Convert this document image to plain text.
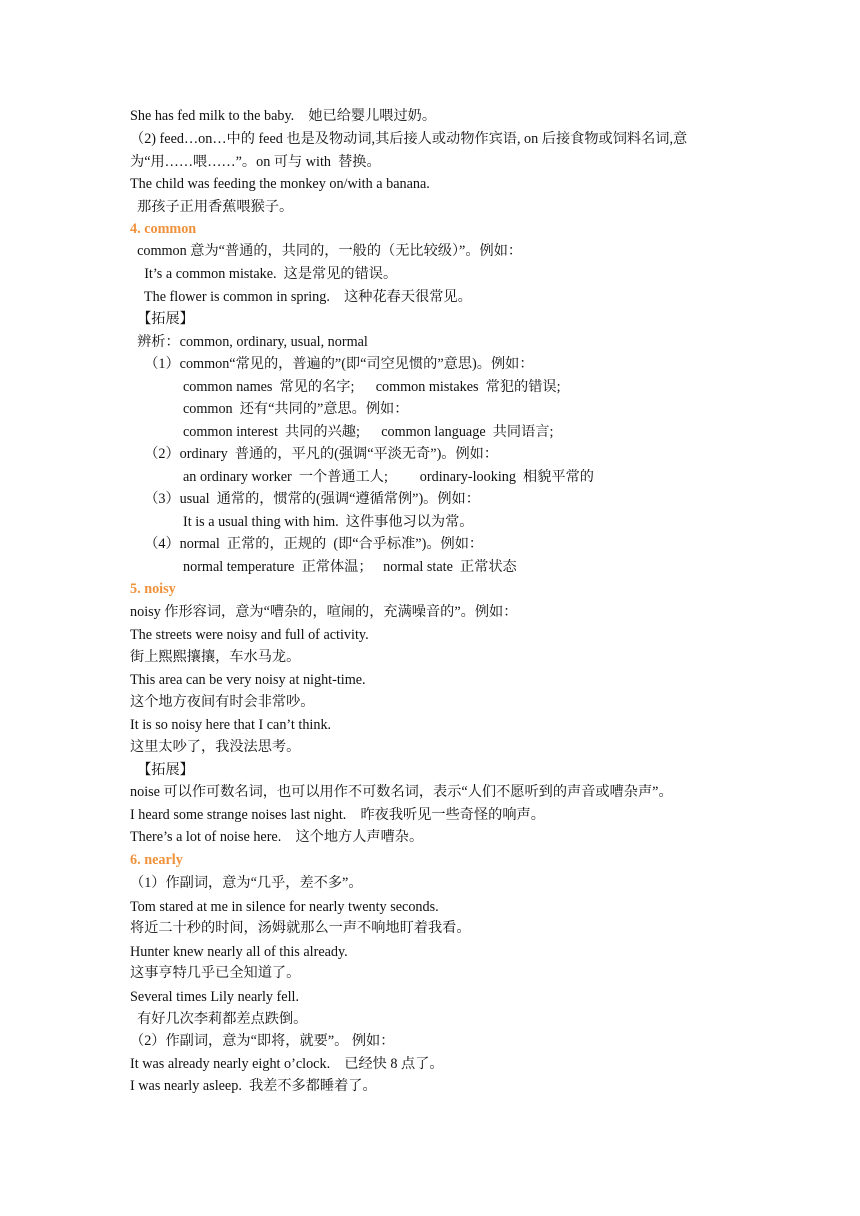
She has fed milk to the baby.    她已给婴儿喂过奶。
（2) feed…on…中的 feed 也是及物动词,其后接人或动物作宾语, on 后接食物或饲料名词,意
为“用……喂……”。on 可与 with  替换。
The child was feeding the monkey on/with a banana.
那孩子正用香蕉喂猴子。
4. common
common 意为“普通的，共同的，一般的（无比较级）”。例如：
It’s a common mistake.  这是常见的错误。
The flower is common in spring.    这种花春天很常见。
【拓展】
辨析：common, ordinary, usual, normal
（1）common“常见的，普遍的”(即“司空见惯的”意思)。例如：
common names  常见的名字;      common mistakes  常犯的错误;
common  还有“共同的”意思。例如：
common interest  共同的兴趣;      common language  共同语言;
（2）ordinary  普通的，平凡的(强调“平淡无奇”)。例如：
an ordinary worker  一个普通工人;         ordinary-looking  相貌平常的
（3）usual  通常的，惯常的(强调“遵循常例”)。例如：
It is a usual thing with him.  这件事他习以为常。
（4）normal  正常的，正规的  (即“合乎标准”)。例如：
normal temperature  正常体温；   normal state  正常状态
5. noisy
noisy 作形容词，意为“嘈杂的，喧闹的，充满噪音的”。例如：
The streets were noisy and full of activity.
街上熙熙攘攘，车水马龙。
This area can be very noisy at night-time.
这个地方夜间有时会非常吵。
It is so noisy here that I can’t think.
这里太吵了，我没法思考。
【拓展】
noise 可以作可数名词，也可以用作不可数名词，表示“人们不愿听到的声音或嘈杂声”。
I heard some strange noises last night.    昨夜我听见一些奇怪的响声。
There’s a lot of noise here.    这个地方人声嘈杂。
6. nearly
（1）作副词，意为“几乎，差不多”。
Tom stared at me in silence for nearly twenty seconds.
将近二十秒的时间，汤姆就那么一声不响地盯着我看。
Hunter knew nearly all of this already.
这事亨特几乎已全知道了。
Several times Lily nearly fell.
有好几次李莉都差点跌倒。
（2）作副词，意为“即将，就要”。 例如：
It was already nearly eight o’clock.    已经快 8 点了。
I was nearly asleep.  我差不多都睡着了。
